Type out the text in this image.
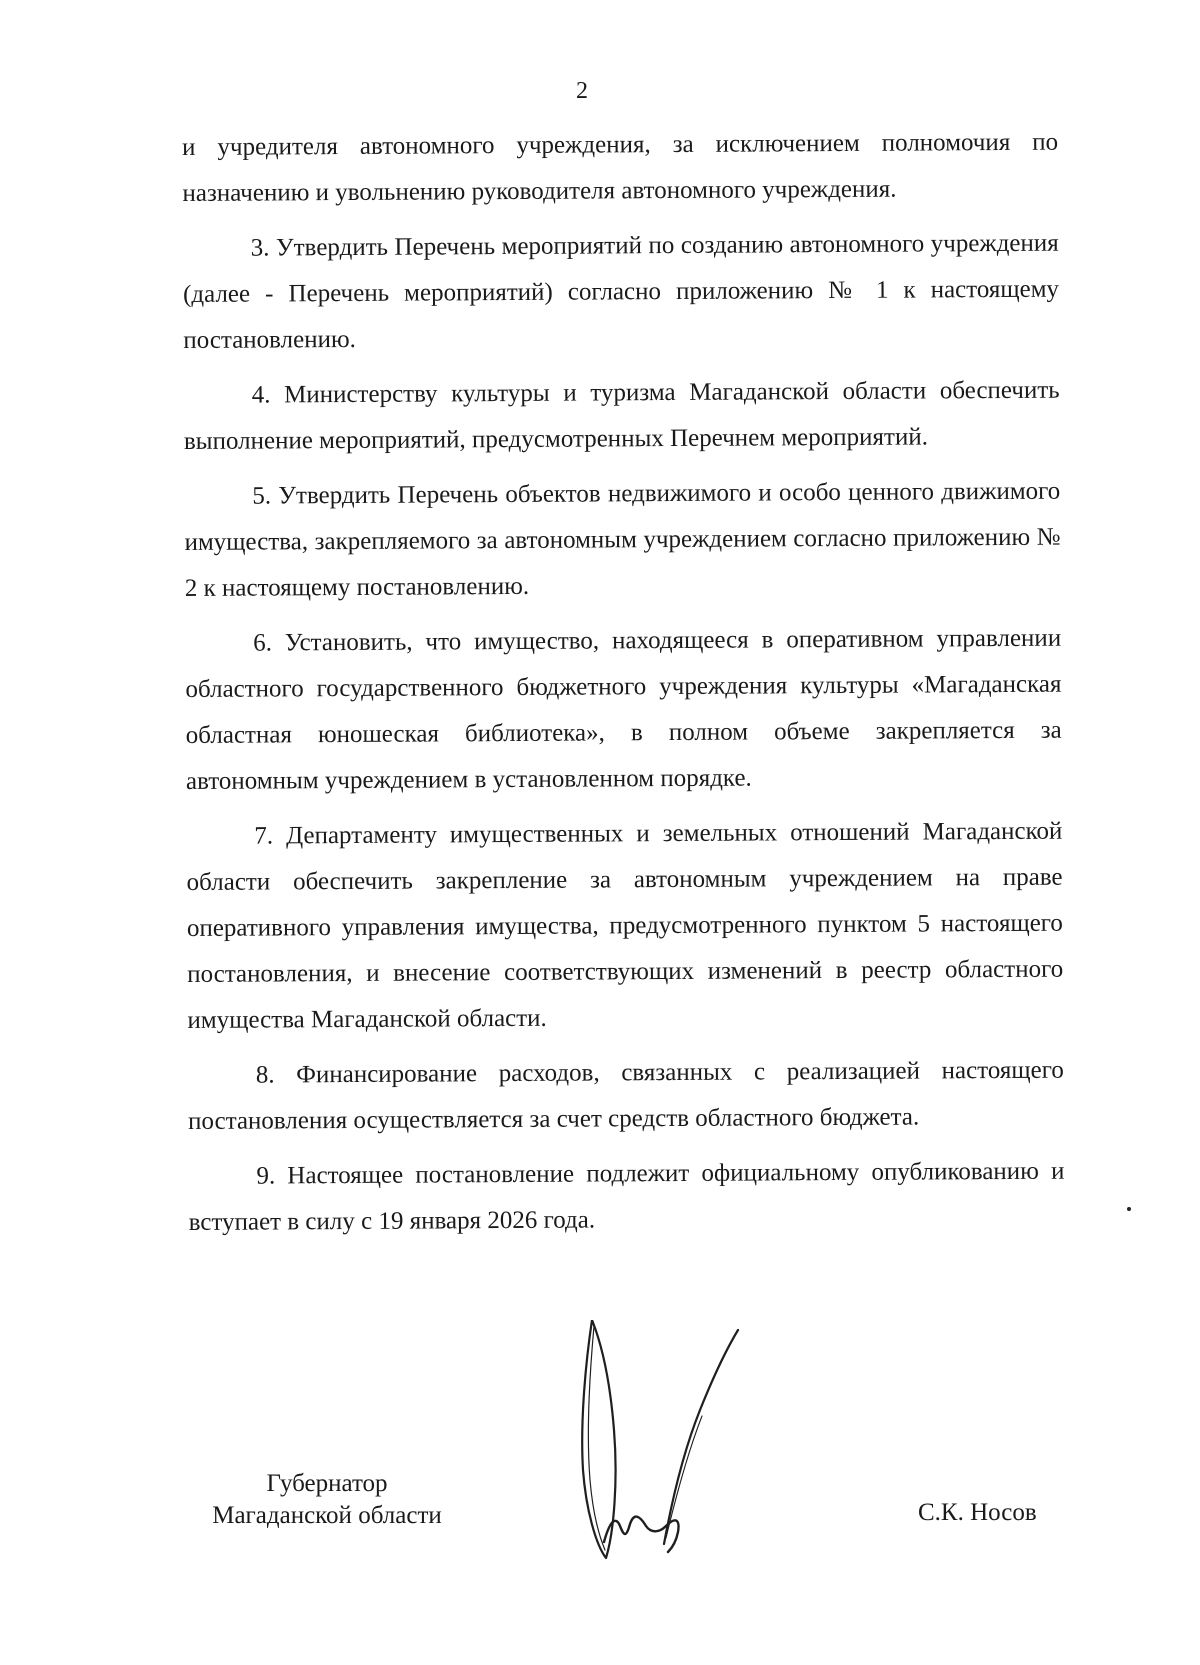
2

и учредителя автономного учреждения, за исключением полномочия по назначению и увольнению руководителя автономного учреждения.

3. Утвердить Перечень мероприятий по созданию автономного учреждения (далее - Перечень мероприятий) согласно приложению № 1 к настоящему постановлению.

4. Министерству культуры и туризма Магаданской области обеспечить выполнение мероприятий, предусмотренных Перечнем мероприятий.

5. Утвердить Перечень объектов недвижимого и особо ценного движимого имущества, закрепляемого за автономным учреждением согласно приложению № 2 к настоящему постановлению.

6. Установить, что имущество, находящееся в оперативном управлении областного государственного бюджетного учреждения культуры «Магаданская областная юношеская библиотека», в полном объеме закрепляется за автономным учреждением в установленном порядке.

7. Департаменту имущественных и земельных отношений Магаданской области обеспечить закрепление за автономным учреждением на праве оперативного управления имущества, предусмотренного пунктом 5 настоящего постановления, и внесение соответствующих изменений в реестр областного имущества Магаданской области.

8. Финансирование расходов, связанных с реализацией настоящего постановления осуществляется за счет средств областного бюджета.

9. Настоящее постановление подлежит официальному опубликованию и вступает в силу с 19 января 2026 года.

Губернатор
Магаданской области	С.К. Носов
